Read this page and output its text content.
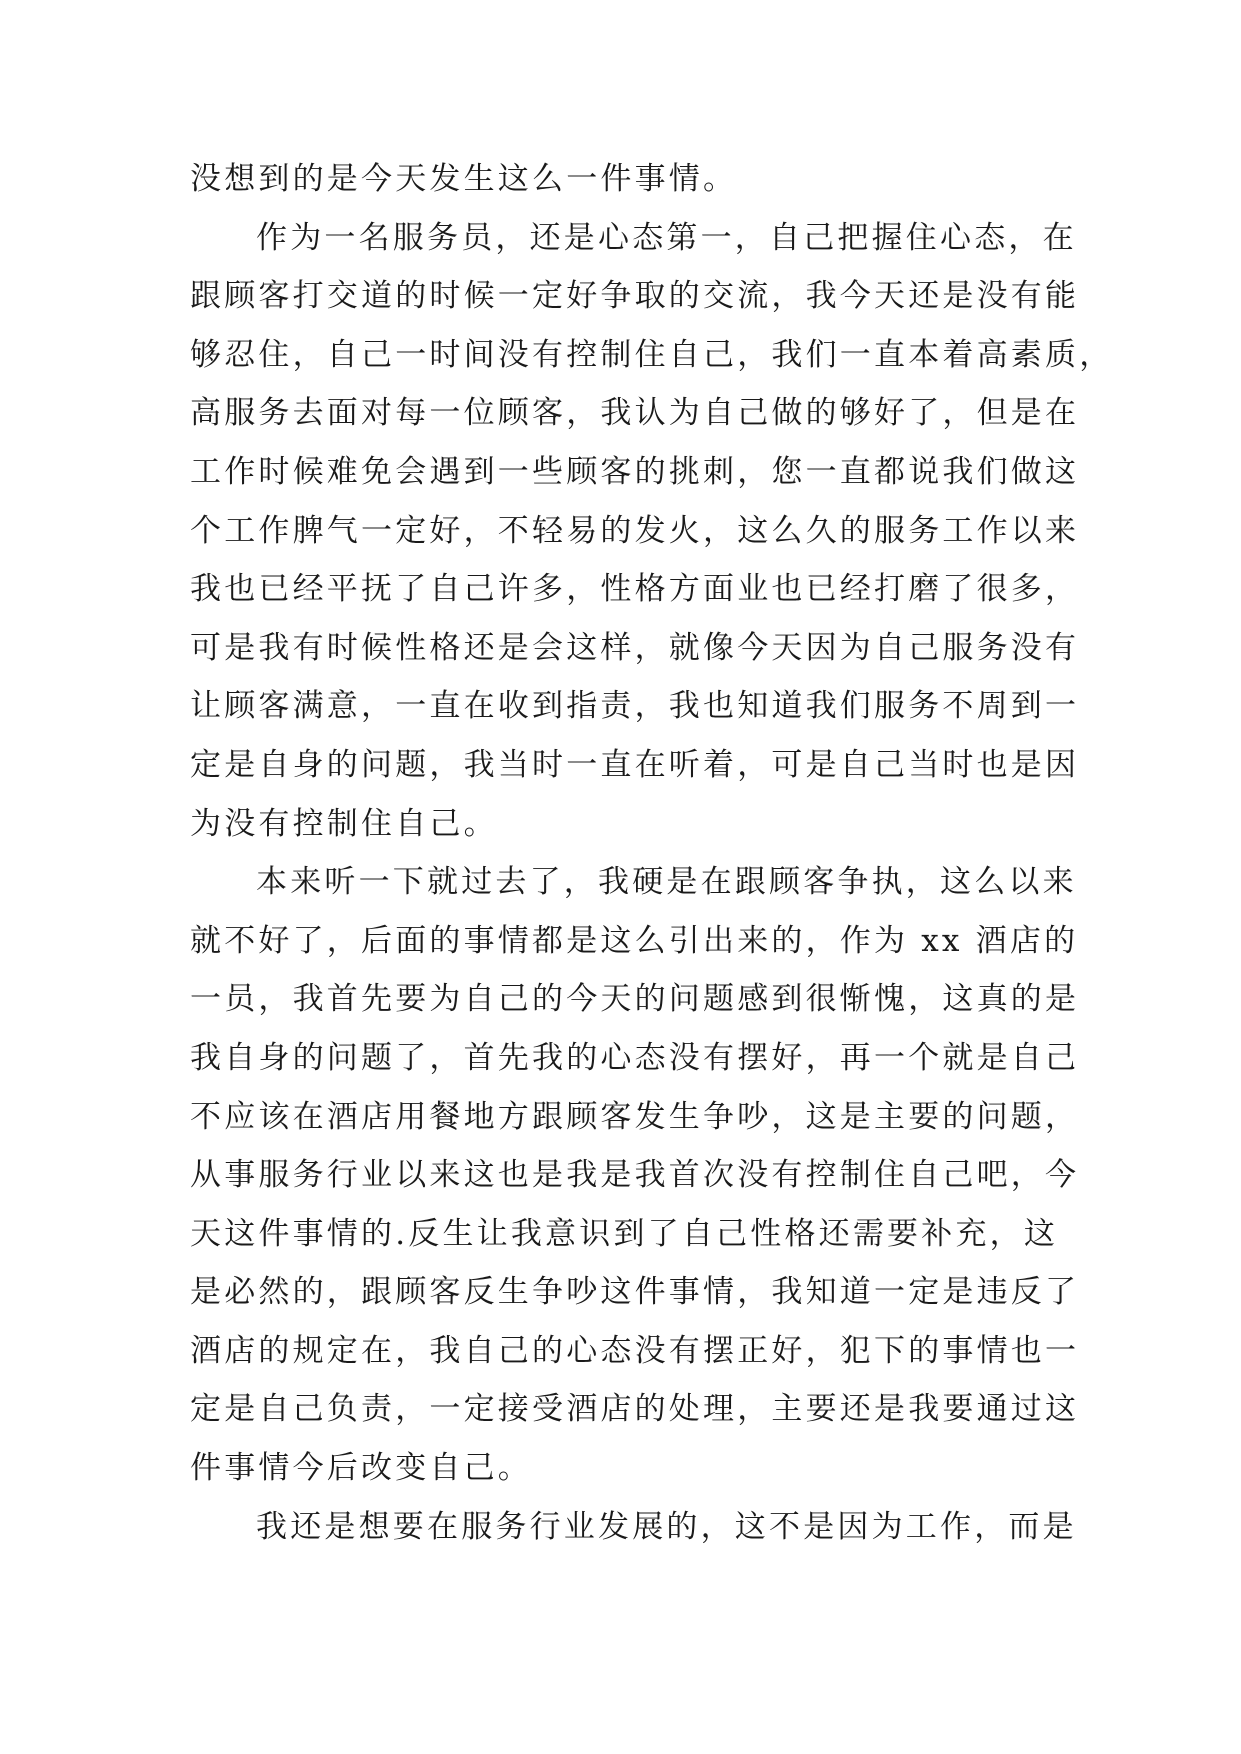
没想到的是今天发生这么一件事情。
作为一名服务员，还是心态第一，自己把握住心态，在
跟顾客打交道的时候一定好争取的交流，我今天还是没有能
够忍住，自己一时间没有控制住自己，我们一直本着高素质，
高服务去面对每一位顾客，我认为自己做的够好了，但是在
工作时候难免会遇到一些顾客的挑刺，您一直都说我们做这
个工作脾气一定好，不轻易的发火，这么久的服务工作以来
我也已经平抚了自己许多，性格方面业也已经打磨了很多，
可是我有时候性格还是会这样，就像今天因为自己服务没有
让顾客满意，一直在收到指责，我也知道我们服务不周到一
定是自身的问题，我当时一直在听着，可是自己当时也是因
为没有控制住自己。
本来听一下就过去了，我硬是在跟顾客争执，这么以来
就不好了，后面的事情都是这么引出来的，作为 xx 酒店的
一员，我首先要为自己的今天的问题感到很惭愧，这真的是
我自身的问题了，首先我的心态没有摆好，再一个就是自己
不应该在酒店用餐地方跟顾客发生争吵，这是主要的问题，
从事服务行业以来这也是我是我首次没有控制住自己吧，今
天这件事情的.反生让我意识到了自己性格还需要补充，这
是必然的，跟顾客反生争吵这件事情，我知道一定是违反了
酒店的规定在，我自己的心态没有摆正好，犯下的事情也一
定是自己负责，一定接受酒店的处理，主要还是我要通过这
件事情今后改变自己。
我还是想要在服务行业发展的，这不是因为工作，而是
